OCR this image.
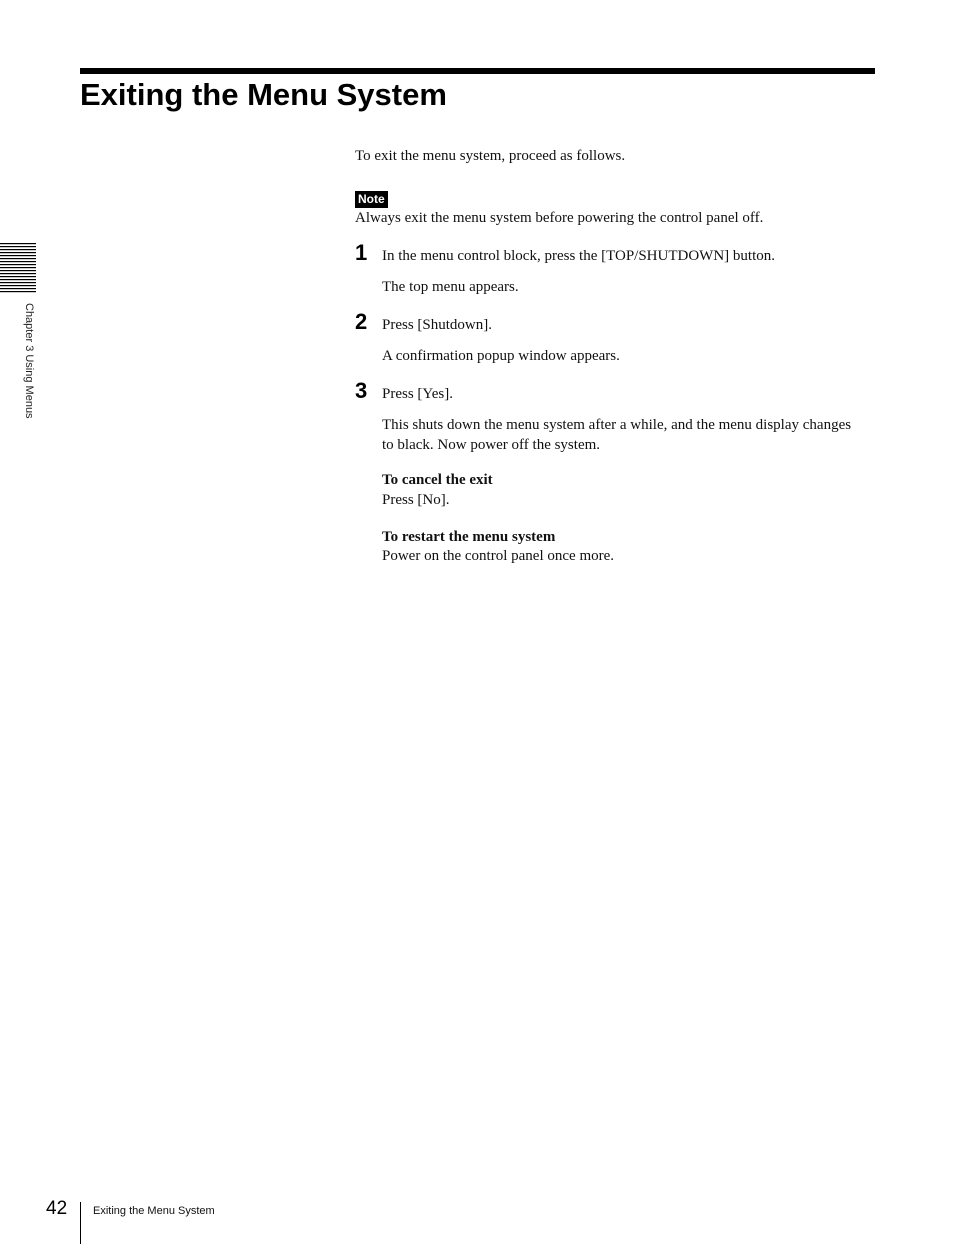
Exiting the Menu System

To exit the menu system, proceed as follows.

Note

Always exit the menu system before powering the control panel off.

1 In the menu control block, press the [TOP/SHUTDOWN] button.

The top menu appears.

2 Press [Shutdown].

A confirmation popup window appears.

3 Press [Yes].

This shuts down the menu system after a while, and the menu display changes to black. Now power off the system.

To cancel the exit

Press [No].

To restart the menu system

Power on the control panel once more.

Chapter 3 Using Menus
42 Exiting the Menu System
